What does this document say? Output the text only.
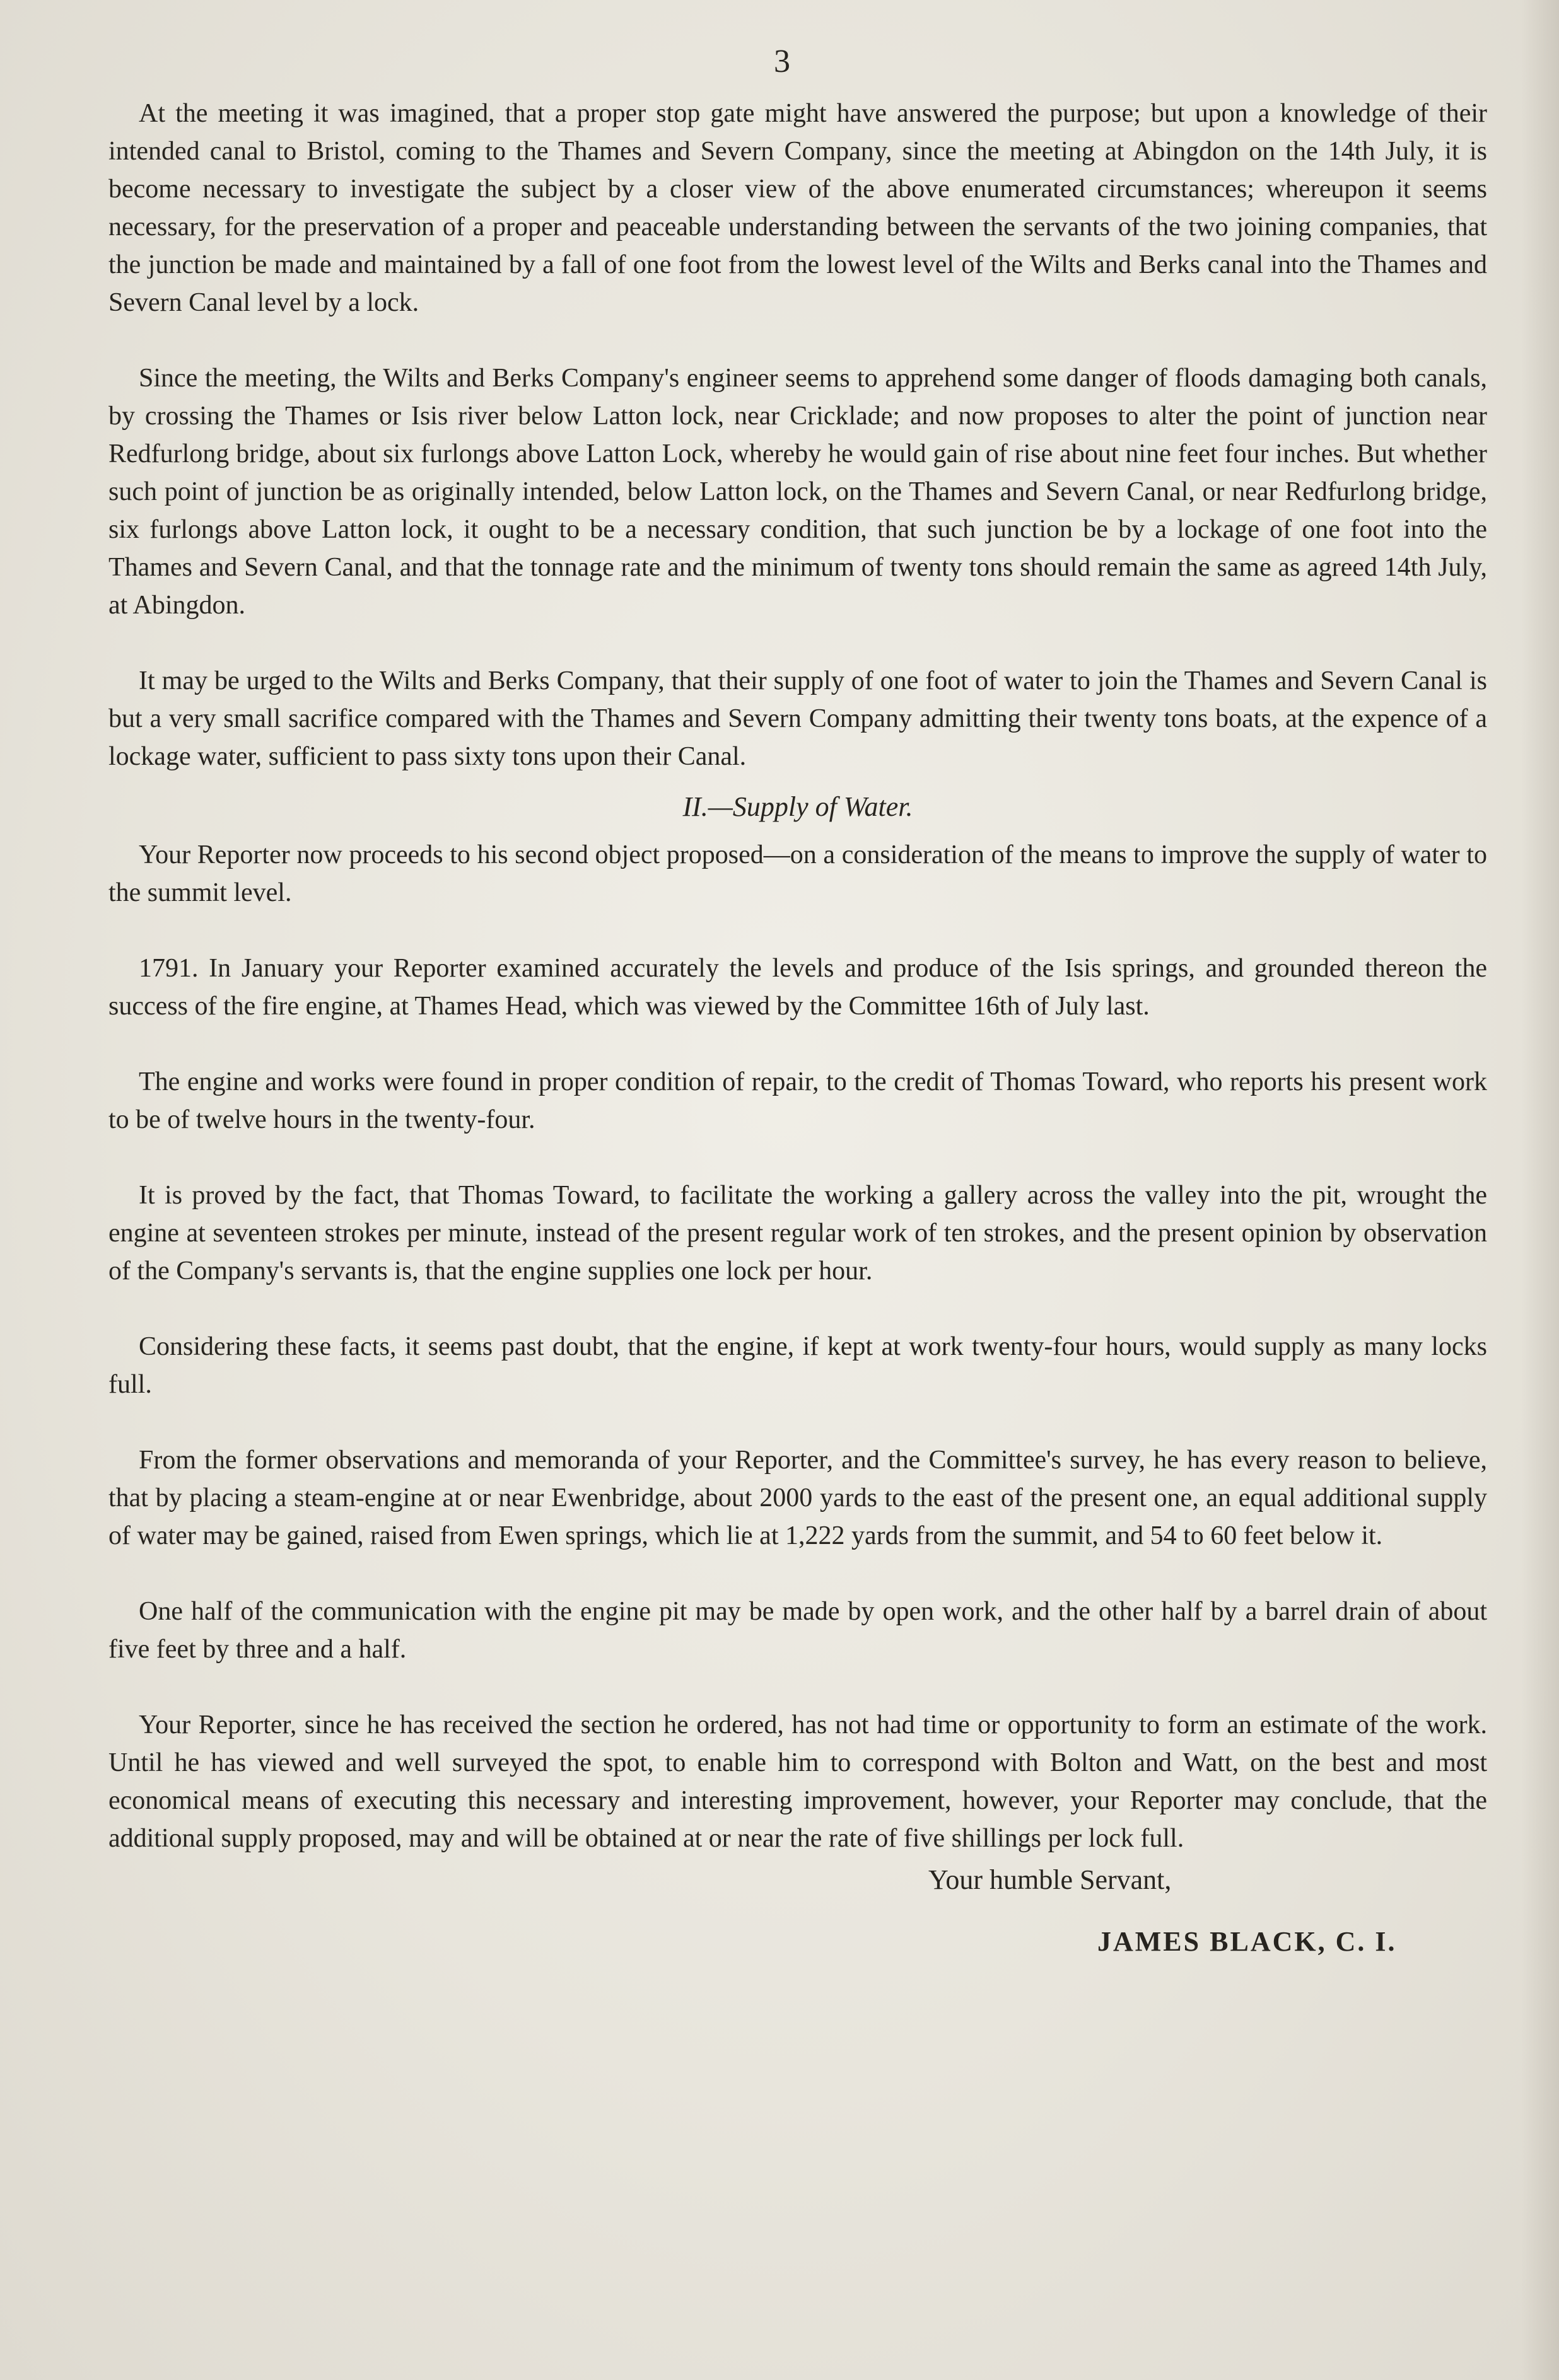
3

At the meeting it was imagined, that a proper stop gate might have answered the purpose; but upon a knowledge of their intended canal to Bristol, coming to the Thames and Severn Company, since the meeting at Abingdon on the 14th July, it is become necessary to investigate the subject by a closer view of the above enumerated circumstances; whereupon it seems necessary, for the preservation of a proper and peaceable understanding between the servants of the two joining companies, that the junction be made and maintained by a fall of one foot from the lowest level of the Wilts and Berks canal into the Thames and Severn Canal level by a lock.

Since the meeting, the Wilts and Berks Company's engineer seems to apprehend some danger of floods damaging both canals, by crossing the Thames or Isis river below Latton lock, near Cricklade; and now proposes to alter the point of junction near Redfurlong bridge, about six furlongs above Latton Lock, whereby he would gain of rise about nine feet four inches. But whether such point of junction be as originally intended, below Latton lock, on the Thames and Severn Canal, or near Redfurlong bridge, six furlongs above Latton lock, it ought to be a necessary condition, that such junction be by a lockage of one foot into the Thames and Severn Canal, and that the tonnage rate and the minimum of twenty tons should remain the same as agreed 14th July, at Abingdon.

It may be urged to the Wilts and Berks Company, that their supply of one foot of water to join the Thames and Severn Canal is but a very small sacrifice compared with the Thames and Severn Company admitting their twenty tons boats, at the expence of a lockage water, sufficient to pass sixty tons upon their Canal.

II.—Supply of Water.

Your Reporter now proceeds to his second object proposed—on a consideration of the means to improve the supply of water to the summit level.

1791. In January your Reporter examined accurately the levels and produce of the Isis springs, and grounded thereon the success of the fire engine, at Thames Head, which was viewed by the Committee 16th of July last.

The engine and works were found in proper condition of repair, to the credit of Thomas Toward, who reports his present work to be of twelve hours in the twenty-four.

It is proved by the fact, that Thomas Toward, to facilitate the working a gallery across the valley into the pit, wrought the engine at seventeen strokes per minute, instead of the present regular work of ten strokes, and the present opinion by observation of the Company's servants is, that the engine supplies one lock per hour.

Considering these facts, it seems past doubt, that the engine, if kept at work twenty-four hours, would supply as many locks full.

From the former observations and memoranda of your Reporter, and the Committee's survey, he has every reason to believe, that by placing a steam-engine at or near Ewenbridge, about 2000 yards to the east of the present one, an equal additional supply of water may be gained, raised from Ewen springs, which lie at 1,222 yards from the summit, and 54 to 60 feet below it.

One half of the communication with the engine pit may be made by open work, and the other half by a barrel drain of about five feet by three and a half.

Your Reporter, since he has received the section he ordered, has not had time or opportunity to form an estimate of the work. Until he has viewed and well surveyed the spot, to enable him to correspond with Bolton and Watt, on the best and most economical means of executing this necessary and interesting improvement, however, your Reporter may conclude, that the additional supply proposed, may and will be obtained at or near the rate of five shillings per lock full.

Your humble Servant,
JAMES BLACK, C. I.
